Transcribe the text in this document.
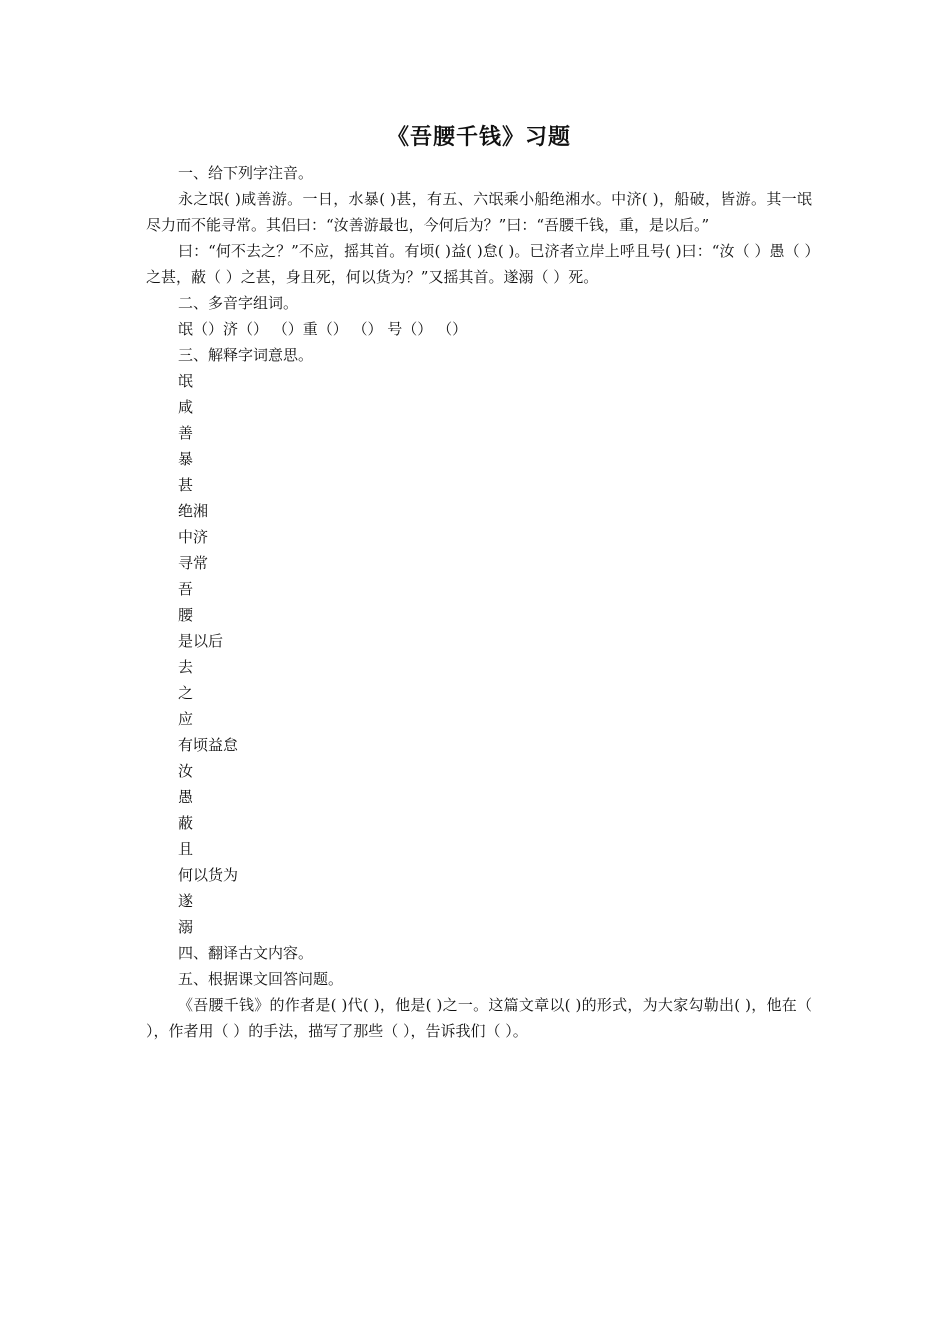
《吾腰千钱》习题
一、给下列字注音。
永之氓( )咸善游。一日，水暴( )甚，有五、六氓乘小船绝湘水。中济( )，船破，皆游。其一氓尽力而不能寻常。其侣曰：“汝善游最也，今何后为？”曰：“吾腰千钱，重，是以后。”
曰：“何不去之？”不应，摇其首。有顷( )益( )怠( )。已济者立岸上呼且号( )曰：“汝（ ）愚（ ）之甚，蔽（ ）之甚，身且死，何以货为？”又摇其首。遂溺（ ）死。
二、多音字组词。
氓（）济（） （）重（） （） 号（） （）
三、解释字词意思。
氓
咸
善
暴
甚
绝湘
中济
寻常
吾
腰
是以后
去
之
应
有顷益怠
汝
愚
蔽
且
何以货为
遂
溺
四、翻译古文内容。
五、根据课文回答问题。
《吾腰千钱》的作者是( )代( )，他是( )之一。这篇文章以( )的形式，为大家勾勒出( )，他在（ ），作者用（ ）的手法，描写了那些（ ），告诉我们（ ）。
